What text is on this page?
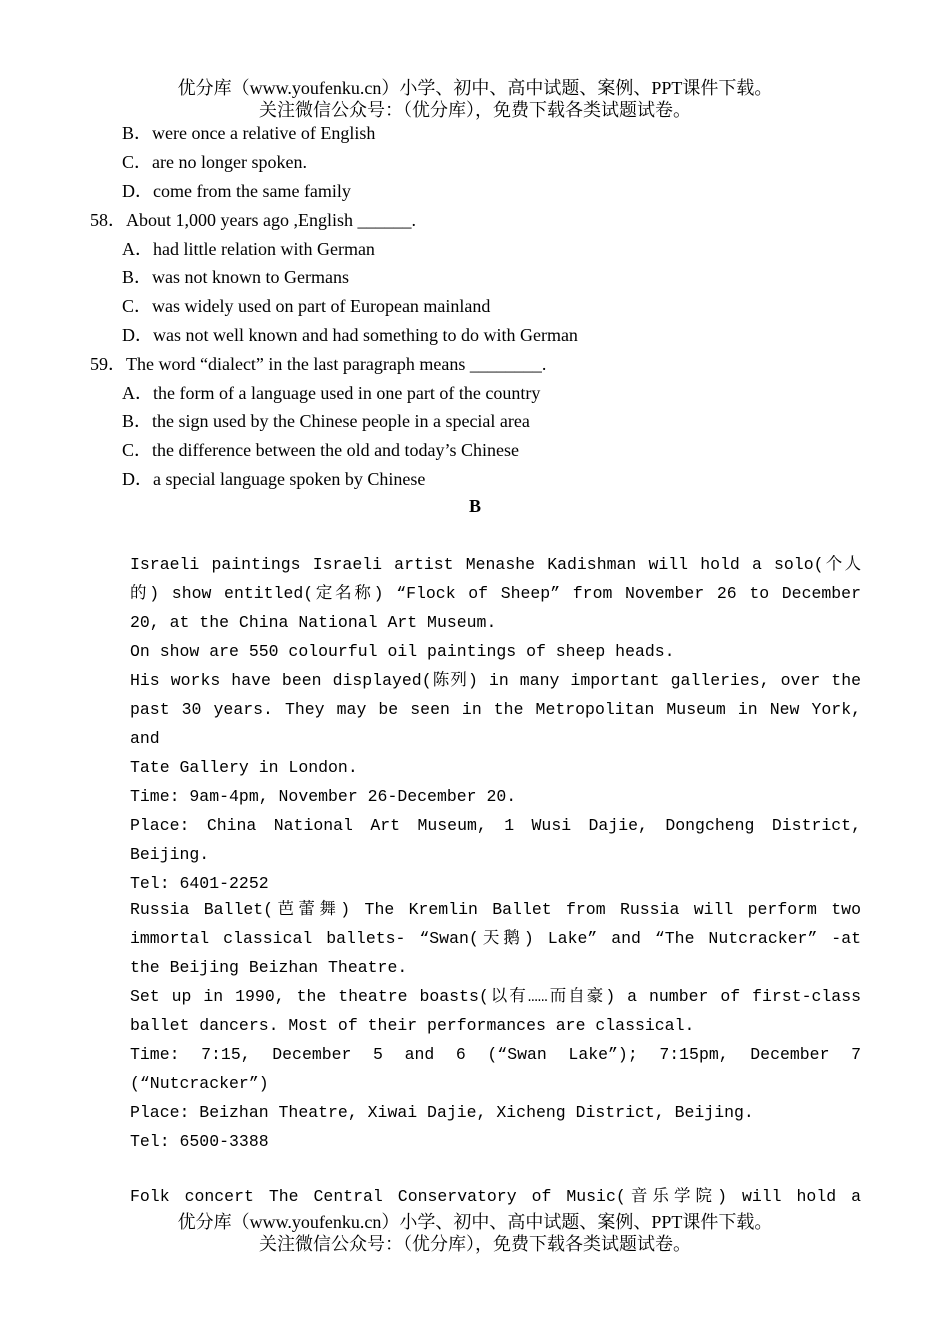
优分库（www.youfenku.cn）小学、初中、高中试题、案例、PPT课件下载。
关注微信公众号：（优分库），免费下载各类试题试卷。
B．were once a relative of English
C．are no longer spoken.
D．come from the same family
58．About 1,000 years ago ,English ______.
A．had little relation with German
B．was not known to Germans
C．was widely used on part of European mainland
D．was not well known and had something to do with German
59．The word “dialect” in the last paragraph means ________.
A．the form of a language used in one part of the country
B．the sign used by the Chinese people in a special area
C．the difference between the old and today’s Chinese
D．a special language spoken by Chinese
B
Israeli paintings Israeli artist Menashe Kadishman will hold a solo(个人
的) show entitled(定名称) “Flock of Sheep” from November 26 to December
20, at the China National Art Museum.
On show are 550 colourful oil paintings of sheep heads.
His works have been displayed(陈列) in many important galleries, over the
past 30 years. They may be seen in the Metropolitan Museum in New York, and
Tate Gallery in London.
Time: 9am-4pm, November 26-December 20.
Place: China National Art Museum, 1 Wusi Dajie, Dongcheng District,
Beijing.
Tel: 6401-2252
Russia Ballet(芭蕾舞) The Kremlin Ballet from Russia will perform two
immortal classical ballets- “Swan(天鹅) Lake” and “The Nutcracker” -at
the Beijing Beizhan Theatre.
Set up in 1990, the theatre boasts(以有……而自豪) a number of first-class
ballet dancers. Most of their performances are classical.
Time: 7:15, December 5 and 6 (“Swan Lake”); 7:15pm, December 7
(“Nutcracker”)
Place: Beizhan Theatre, Xiwai Dajie, Xicheng District, Beijing.
Tel: 6500-3388
Folk concert The Central Conservatory of Music(音乐学院) will hold a
优分库（www.youfenku.cn）小学、初中、高中试题、案例、PPT课件下载。
关注微信公众号：（优分库），免费下载各类试题试卷。
